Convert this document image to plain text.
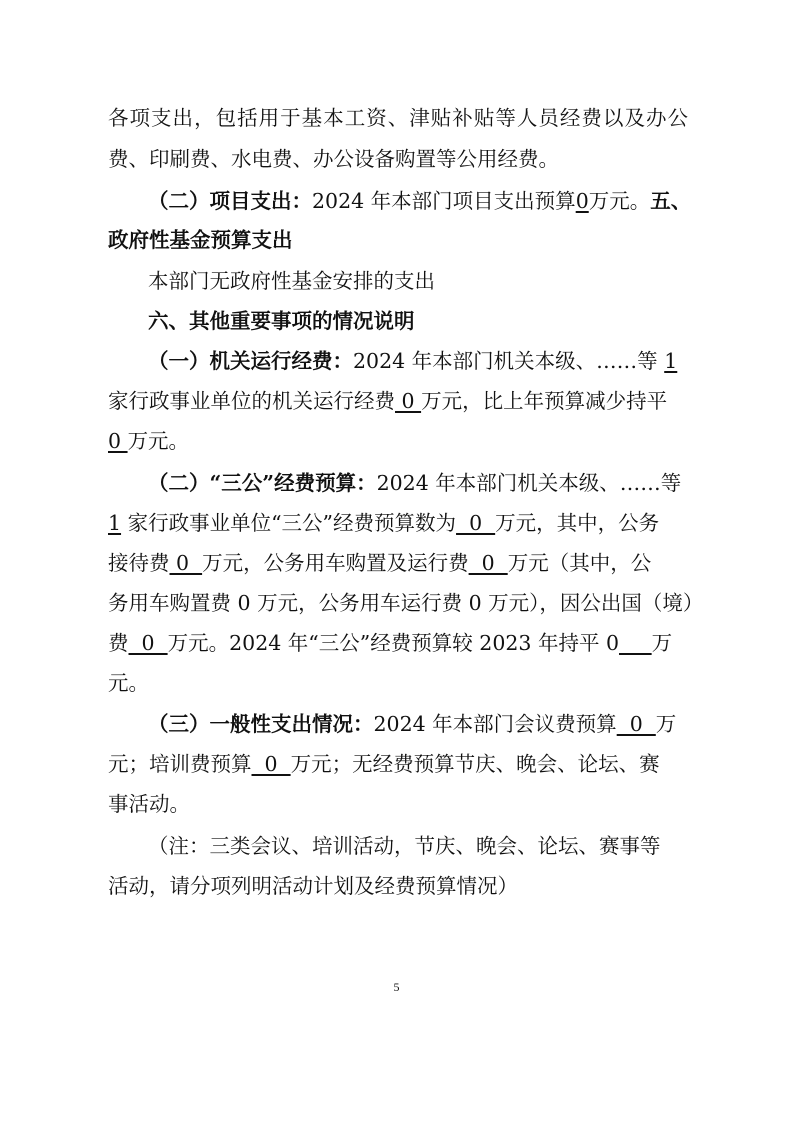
各项支出，包括用于基本工资、津贴补贴等人员经费以及办公
费、印刷费、水电费、办公设备购置等公用经费。
（二）项目支出：2024 年本部门项目支出预算0万元。五、
政府性基金预算支出
本部门无政府性基金安排的支出
六、其他重要事项的情况说明
（一）机关运行经费：2024 年本部门机关本级、……等 1
家行政事业单位的机关运行经费 0 万元，比上年预算减少持平
0 万元。
（二）“三公”经费预算：2024 年本部门机关本级、……等
1 家行政事业单位“三公”经费预算数为  0  万元，其中，公务
接待费 0  万元，公务用车购置及运行费  0  万元（其中，公
务用车购置费 0 万元，公务用车运行费 0 万元），因公出国（境）
费  0  万元。2024 年“三公”经费预算较 2023 年持平 0 万
元。
（三）一般性支出情况：2024 年本部门会议费预算  0  万
元；培训费预算  0  万元；无经费预算节庆、晚会、论坛、赛
事活动。
（注：三类会议、培训活动，节庆、晚会、论坛、赛事等
活动，请分项列明活动计划及经费预算情况）
5
